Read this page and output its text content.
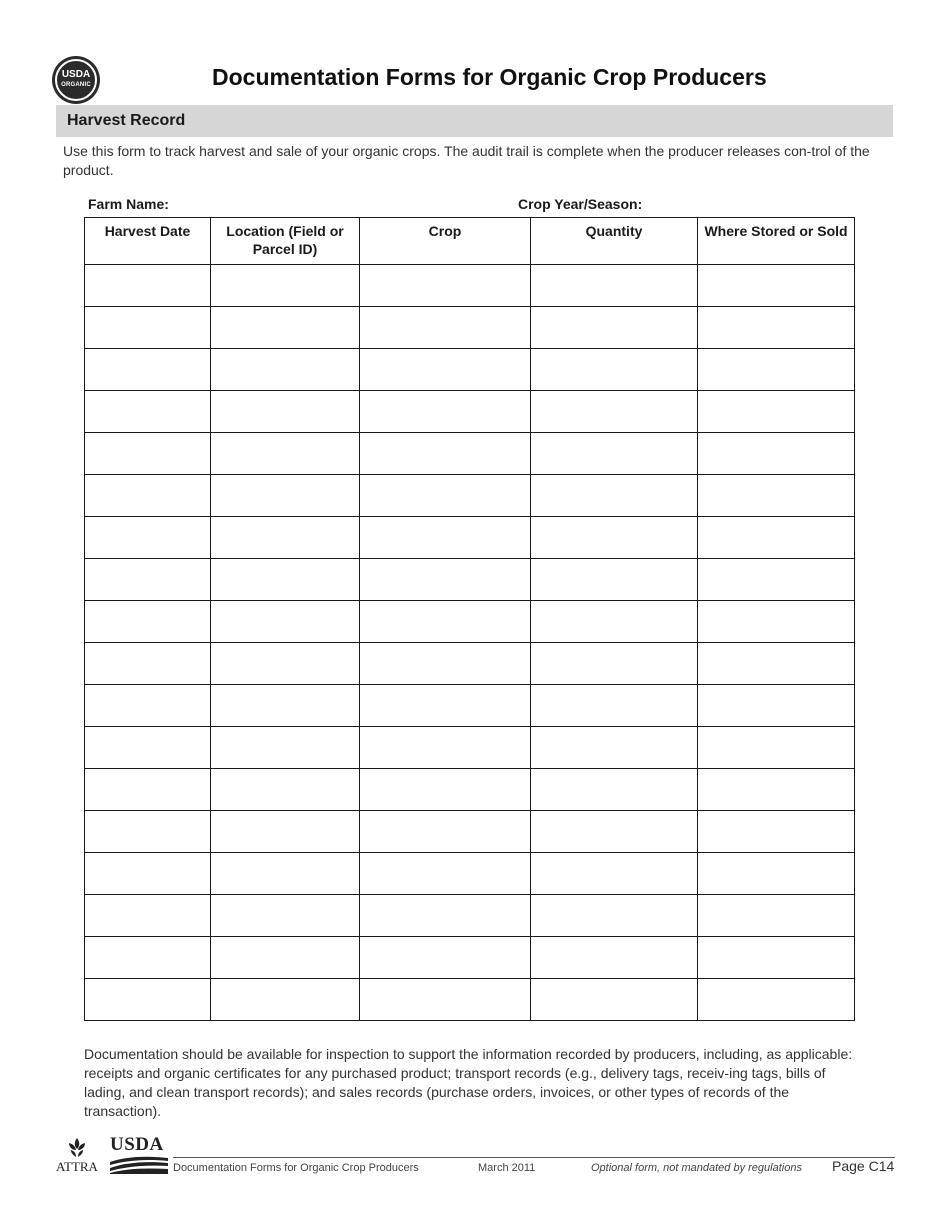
USDA
ORGANIC	Documentation Forms for Organic Crop Producers
Harvest Record

Use this form to track harvest and sale of your organic crops. The audit trail is complete when the producer releases con-trol of the product.

Farm Name:	Crop Year/Season:
Harvest Date	Location (Field or Parcel ID)	Crop	Quantity	Where Stored or Sold

Documentation should be available for inspection to support the information recorded by producers, including, as applicable: receipts and organic certificates for any purchased product; transport records (e.g., delivery tags, receiv-ing tags, bills of lading, and clean transport records); and sales records (purchase orders, invoices, or other types of records of the transaction).

ATTRA
USDA
Documentation Forms for Organic Crop Producers	March 2011	Optional form, not mandated by regulations Page C14
